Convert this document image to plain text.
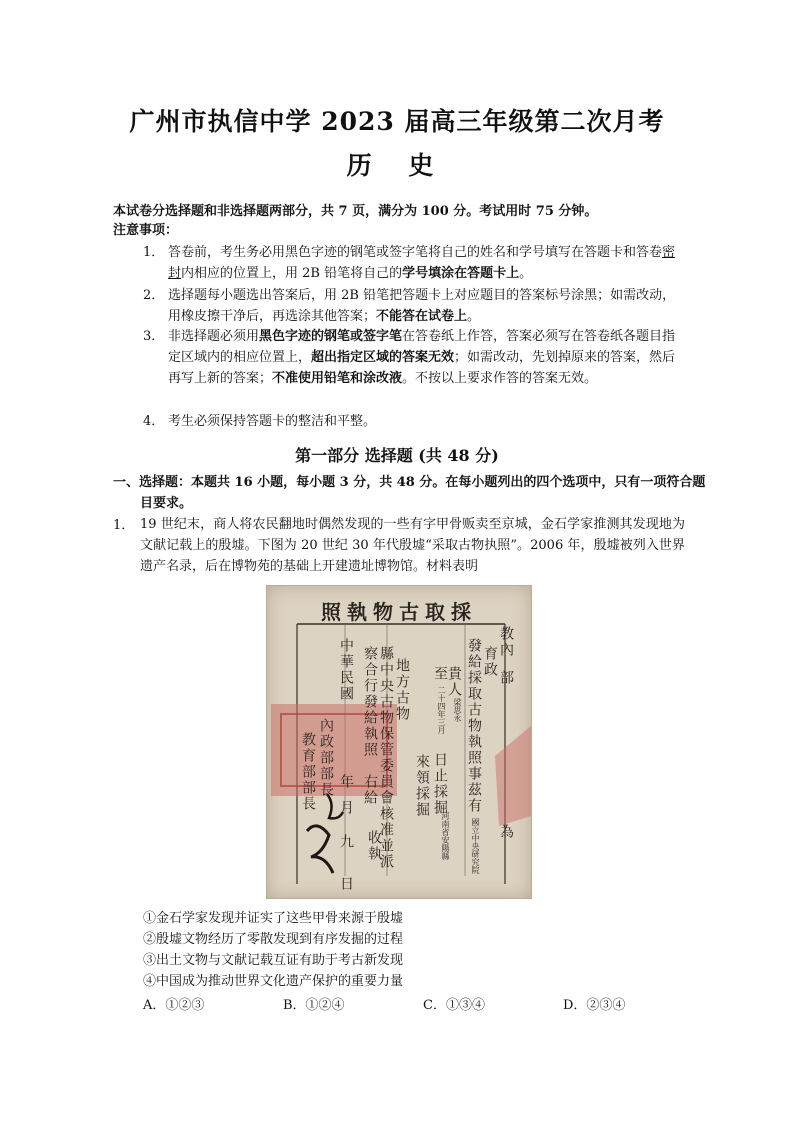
广州市执信中学 2023 届高三年级第二次月考
历 史
本试卷分选择题和非选择题两部分，共 7 页，满分为 100 分。考试用时 75 分钟。
注意事项：
1． 答卷前，考生务必用黑色字迹的钢笔或签字笔将自己的姓名和学号填写在答题卡和答卷密封内相应的位置上，用 2B 铅笔将自己的学号填涂在答题卡上。
2． 选择题每小题选出答案后，用 2B 铅笔把答题卡上对应题目的答案标号涂黑；如需改动，用橡皮擦干净后，再选涂其他答案；不能答在试卷上。
3． 非选择题必须用黑色字迹的钢笔或签字笔在答卷纸上作答，答案必须写在答卷纸各题目指定区域内的相应位置上，超出指定区域的答案无效；如需改动，先划掉原来的答案，然后再写上新的答案；不准使用铅笔和涂改液。不按以上要求作答的答案无效。
4． 考生必须保持答题卡的整洁和平整。
第一部分 选择题 (共 48 分)
一、选择题：本题共 16 小题，每小题 3 分，共 48 分。在每小题列出的四个选项中，只有一项符合题目要求。
1． 19 世纪末，商人将农民翻地时偶然发现的一些有字甲骨贩卖至京城，金石学家推测其发现地为文献记载上的殷墟。下图为 20 世纪 30 年代殷墟“采取古物执照”。2006 年，殷墟被列入世界遗产名录，后在博物苑的基础上开建遗址博物馆。材料表明
照執物古取採
教內
部
為
育政
發給採取古物執照事茲有
國立中央研究院
貴人
梁思永
至
二十四年三月
日止採掘
河南省安陽縣
來領採掘
地方古物
縣中央古物保管委員會核准並派
察合行發給執照
右給
收執
中華民國
年
月
九
日
內政部部長
教育部部長
①金石学家发现并证实了这些甲骨来源于殷墟
②殷墟文物经历了零散发现到有序发掘的过程
③出土文物与文献记载互证有助于考古新发现
④中国成为推动世界文化遗产保护的重要力量
A．①②③	B．①②④	C．①③④	D．②③④
